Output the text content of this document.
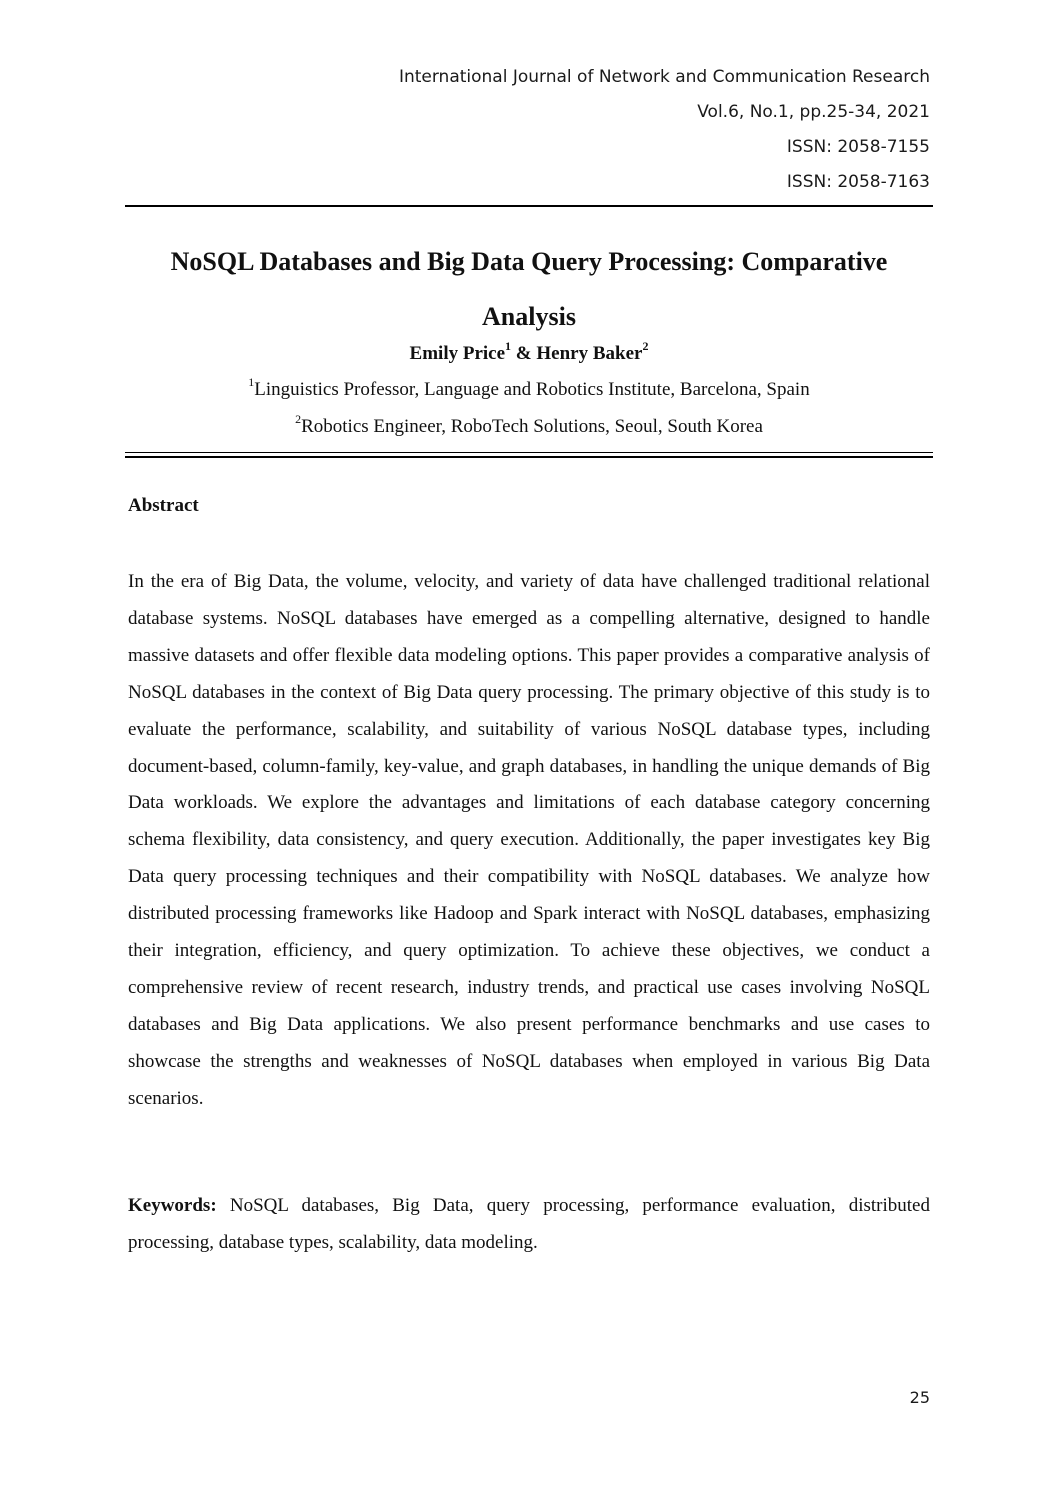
International Journal of Network and Communication Research
Vol.6, No.1, pp.25-34, 2021
ISSN: 2058-7155
ISSN: 2058-7163
NoSQL Databases and Big Data Query Processing: Comparative Analysis
Emily Price$^1$ & Henry Baker$^2$
$^1$Linguistics Professor, Language and Robotics Institute, Barcelona, Spain
$^2$Robotics Engineer, RoboTech Solutions, Seoul, South Korea
Abstract
In the era of Big Data, the volume, velocity, and variety of data have challenged traditional relational database systems. NoSQL databases have emerged as a compelling alternative, designed to handle massive datasets and offer flexible data modeling options. This paper provides a comparative analysis of NoSQL databases in the context of Big Data query processing. The primary objective of this study is to evaluate the performance, scalability, and suitability of various NoSQL database types, including document-based, column-family, key-value, and graph databases, in handling the unique demands of Big Data workloads. We explore the advantages and limitations of each database category concerning schema flexibility, data consistency, and query execution. Additionally, the paper investigates key Big Data query processing techniques and their compatibility with NoSQL databases. We analyze how distributed processing frameworks like Hadoop and Spark interact with NoSQL databases, emphasizing their integration, efficiency, and query optimization. To achieve these objectives, we conduct a comprehensive review of recent research, industry trends, and practical use cases involving NoSQL databases and Big Data applications. We also present performance benchmarks and use cases to showcase the strengths and weaknesses of NoSQL databases when employed in various Big Data scenarios.
Keywords: NoSQL databases, Big Data, query processing, performance evaluation, distributed processing, database types, scalability, data modeling.
25
